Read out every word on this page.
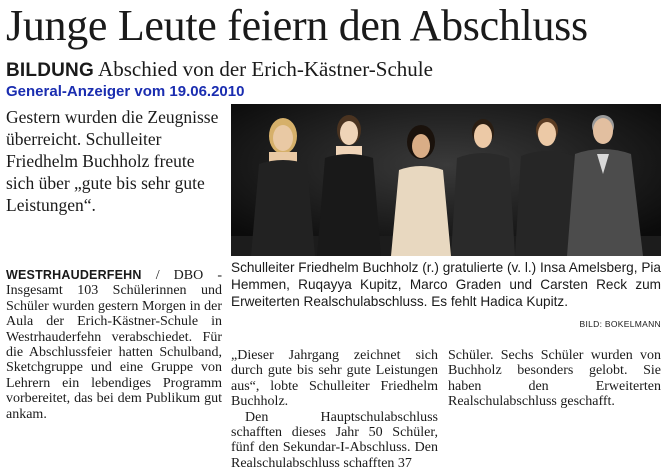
Junge Leute feiern den Abschluss
BILDUNG Abschied von der Erich-Kästner-Schule
General-Anzeiger vom 19.06.2010

Gestern wurden die Zeugnisse überreicht. Schulleiter Friedhelm Buchholz freute sich über „gute bis sehr gute Leistungen“.

Schulleiter Friedhelm Buchholz (r.) gratulierte (v. l.) Insa Amelsberg, Pia Hemmen, Ruqayya Kupitz, Marco Graden und Carsten Reck zum Erweiterten Realschulabschluss. Es fehlt Hadica Kupitz.

BILD: BOKELMANN

WESTRHAUDERFEHN / DBO - Insgesamt 103 Schülerinnen und Schüler wurden gestern Morgen in der Aula der Erich-Kästner-Schule in Westrhauderfehn verabschiedet. Für die Abschlussfeier hatten Schulband, Sketchgruppe und eine Gruppe von Lehrern ein lebendiges Programm vorbereitet, das bei dem Publikum gut ankam.

„Dieser Jahrgang zeichnet sich durch gute bis sehr gute Leistungen aus“, lobte Schulleiter Friedhelm Buchholz.

Den Hauptschulabschluss schafften dieses Jahr 50 Schüler, fünf den Sekundar-I-Abschluss. Den Realschulabschluss schafften 37

Schüler. Sechs Schüler wurden von Buchholz besonders gelobt. Sie haben den Erweiterten Realschulabschluss geschafft.
